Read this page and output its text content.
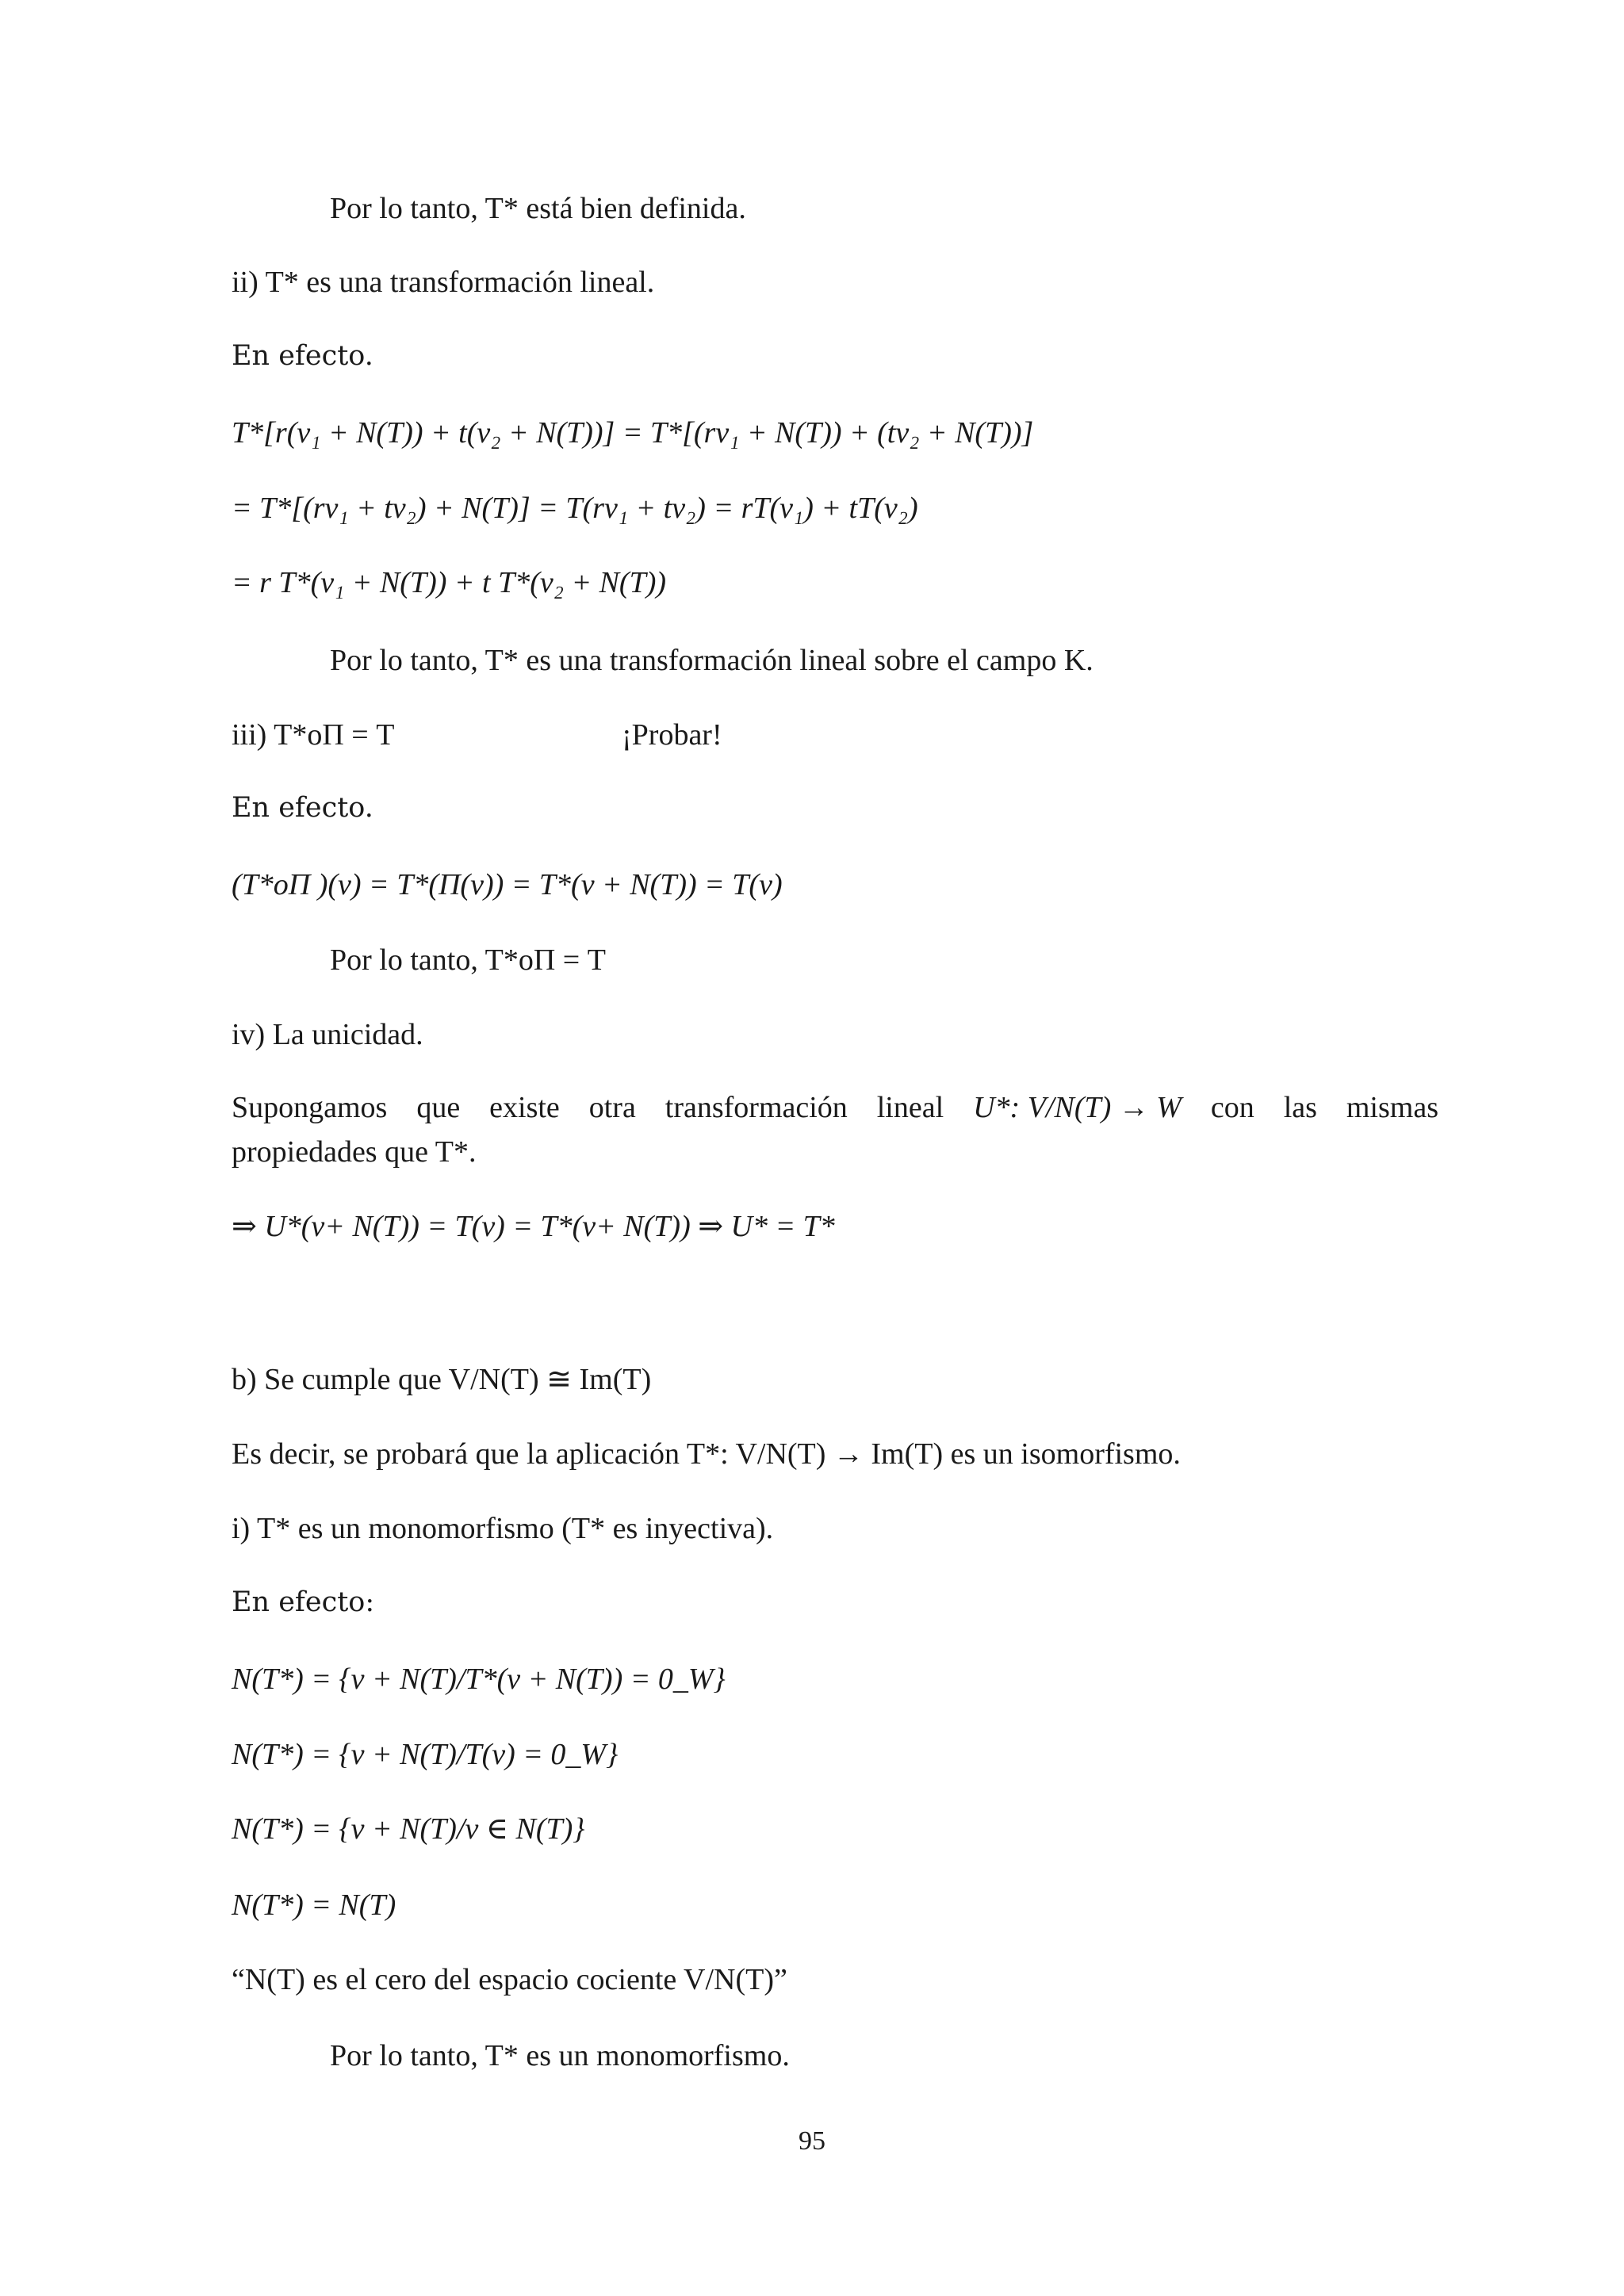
Por lo tanto, T* está bien definida.
ii) T* es una transformación lineal.
En efecto.
T*[r(v₁ + N(T)) + t(v₂ + N(T))] = T*[(rv₁ + N(T)) + (tv₂ + N(T))]
= T*[(rv₁ + tv₂) + N(T)] = T(rv₁ + tv₂) = rT(v₁) + tT(v₂)
= r T*(v₁ + N(T)) + t T*(v₂ + N(T))
Por lo tanto, T* es una transformación lineal sobre el campo K.
iii) T*oΠ = T	¡Probar!
En efecto.
(T*oΠ )(v) = T*(Π(v)) = T*(v + N(T)) = T(v)
Por lo tanto, T*oΠ = T
iv) La unicidad.
Supongamos que existe otra transformación lineal U*: V/N(T) → W con las mismas
propiedades que T*.
⇒ U*(v+ N(T)) = T(v) = T*(v+ N(T)) ⇒ U* = T*
b) Se cumple que V/N(T) ≅ Im(T)
Es decir, se probará que la aplicación T*: V/N(T) → Im(T) es un isomorfismo.
i) T* es un monomorfismo (T* es inyectiva).
En efecto:
N(T*) = {v + N(T)/T*(v + N(T)) = 0_W}
N(T*) = {v + N(T)/T(v) = 0_W}
N(T*) = {v + N(T)/v ∈ N(T)}
N(T*) = N(T)
“N(T) es el cero del espacio cociente V/N(T)”
Por lo tanto, T* es un monomorfismo.
95
